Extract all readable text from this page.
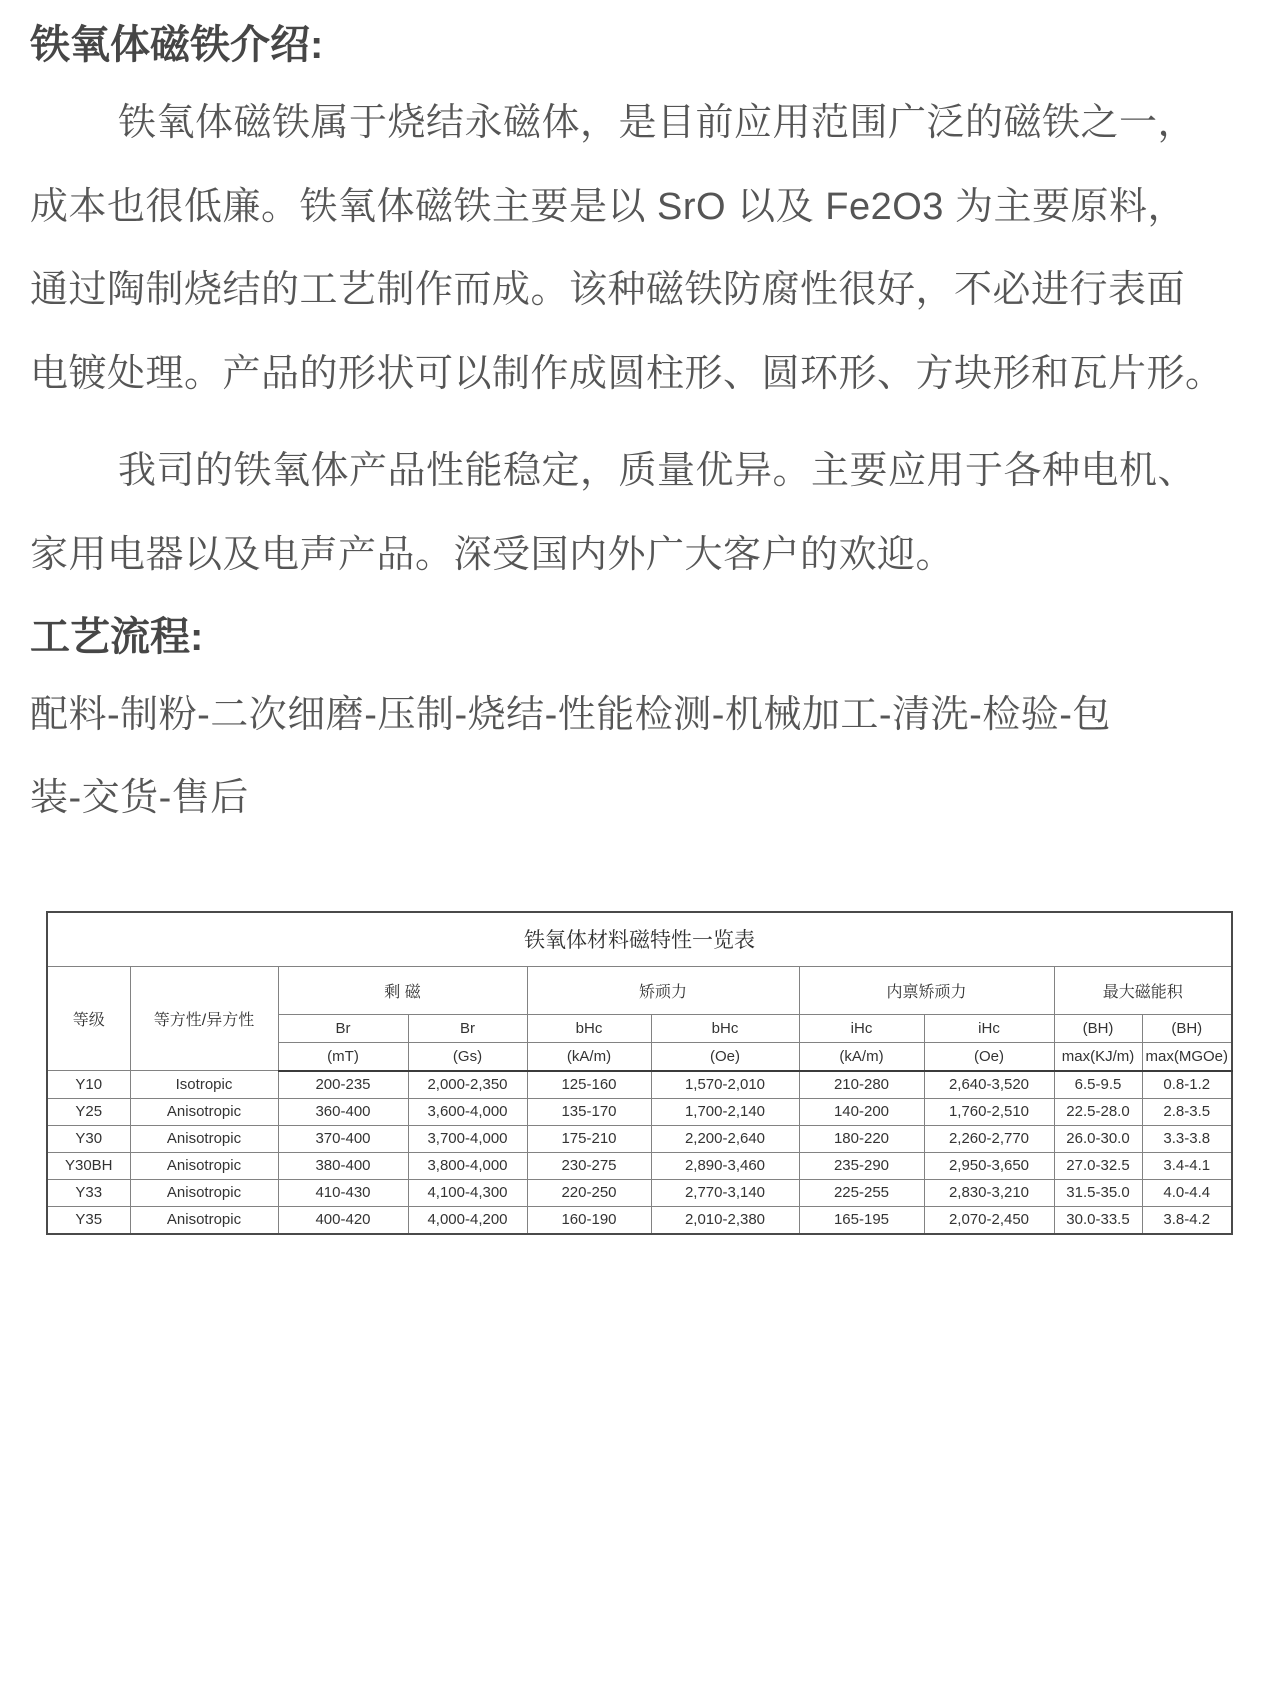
铁氧体磁铁介绍:
铁氧体磁铁属于烧结永磁体，是目前应用范围广泛的磁铁之一，
成本也很低廉。铁氧体磁铁主要是以 SrO 以及 Fe2O3 为主要原料，
通过陶制烧结的工艺制作而成。该种磁铁防腐性很好，不必进行表面
电镀处理。产品的形状可以制作成圆柱形、圆环形、方块形和瓦片形。
我司的铁氧体产品性能稳定，质量优异。主要应用于各种电机、
家用电器以及电声产品。深受国内外广大客户的欢迎。
工艺流程:
配料-制粉-二次细磨-压制-烧结-性能检测-机械加工-清洗-检验-包
装-交货-售后
铁氧体材料磁特性一览表									
等级	等方性/异方性	剩 磁		矫顽力		内禀矫顽力		最大磁能积	
		Br	Br	bHc	bHc	iHc	iHc	(BH)	(BH)
		(mT)	(Gs)	(kA/m)	(Oe)	(kA/m)	(Oe)	max(KJ/m)	max(MGOe)
Y10	Isotropic	200-235	2,000-2,350	125-160	1,570-2,010	210-280	2,640-3,520	6.5-9.5	0.8-1.2
Y25	Anisotropic	360-400	3,600-4,000	135-170	1,700-2,140	140-200	1,760-2,510	22.5-28.0	2.8-3.5
Y30	Anisotropic	370-400	3,700-4,000	175-210	2,200-2,640	180-220	2,260-2,770	26.0-30.0	3.3-3.8
Y30BH	Anisotropic	380-400	3,800-4,000	230-275	2,890-3,460	235-290	2,950-3,650	27.0-32.5	3.4-4.1
Y33	Anisotropic	410-430	4,100-4,300	220-250	2,770-3,140	225-255	2,830-3,210	31.5-35.0	4.0-4.4
Y35	Anisotropic	400-420	4,000-4,200	160-190	2,010-2,380	165-195	2,070-2,450	30.0-33.5	3.8-4.2
